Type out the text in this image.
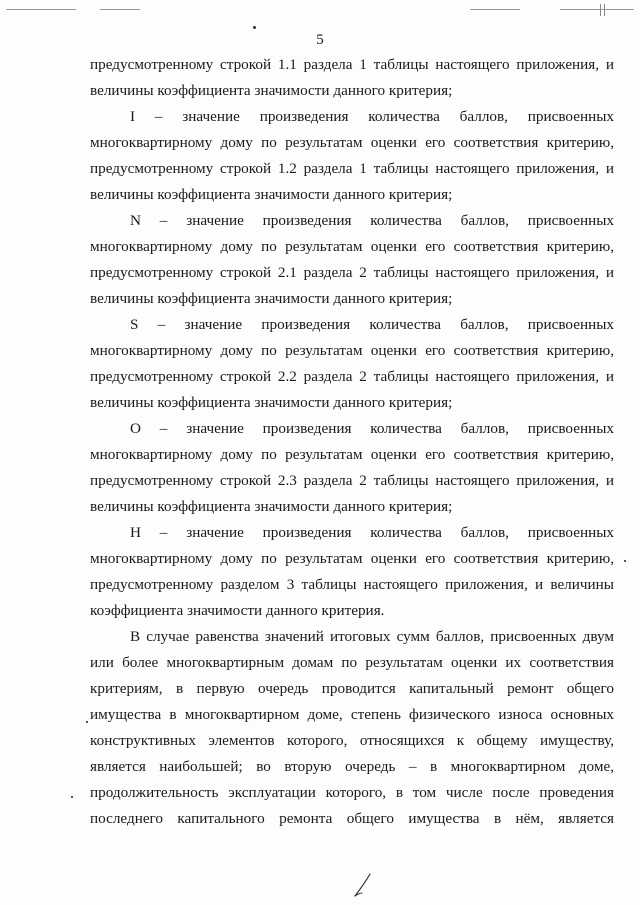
5

предусмотренному строкой 1.1 раздела 1 таблицы настоящего приложения, и величины коэффициента значимости данного критерия;

I – значение произведения количества баллов, присвоенных многоквартирному дому по результатам оценки его соответствия критерию, предусмотренному строкой 1.2 раздела 1 таблицы настоящего приложения, и величины коэффициента значимости данного критерия;

N – значение произведения количества баллов, присвоенных многоквартирному дому по результатам оценки его соответствия критерию, предусмотренному строкой 2.1 раздела 2 таблицы настоящего приложения, и величины коэффициента значимости данного критерия;

S – значение произведения количества баллов, присвоенных многоквартирному дому по результатам оценки его соответствия критерию, предусмотренному строкой 2.2 раздела 2 таблицы настоящего приложения, и величины коэффициента значимости данного критерия;

O – значение произведения количества баллов, присвоенных многоквартирному дому по результатам оценки его соответствия критерию, предусмотренному строкой 2.3 раздела 2 таблицы настоящего приложения, и величины коэффициента значимости данного критерия;

H – значение произведения количества баллов, присвоенных многоквартирному дому по результатам оценки его соответствия критерию, предусмотренному разделом 3 таблицы настоящего приложения, и величины коэффициента значимости данного критерия.

В случае равенства значений итоговых сумм баллов, присвоенных двум или более многоквартирным домам по результатам оценки их соответствия критериям, в первую очередь проводится капитальный ремонт общего имущества в многоквартирном доме, степень физического износа основных конструктивных элементов которого, относящихся к общему имуществу, является наибольшей; во вторую очередь – в многоквартирном доме, продолжительность эксплуатации которого, в том числе после проведения последнего капитального ремонта общего имущества в нём, является
